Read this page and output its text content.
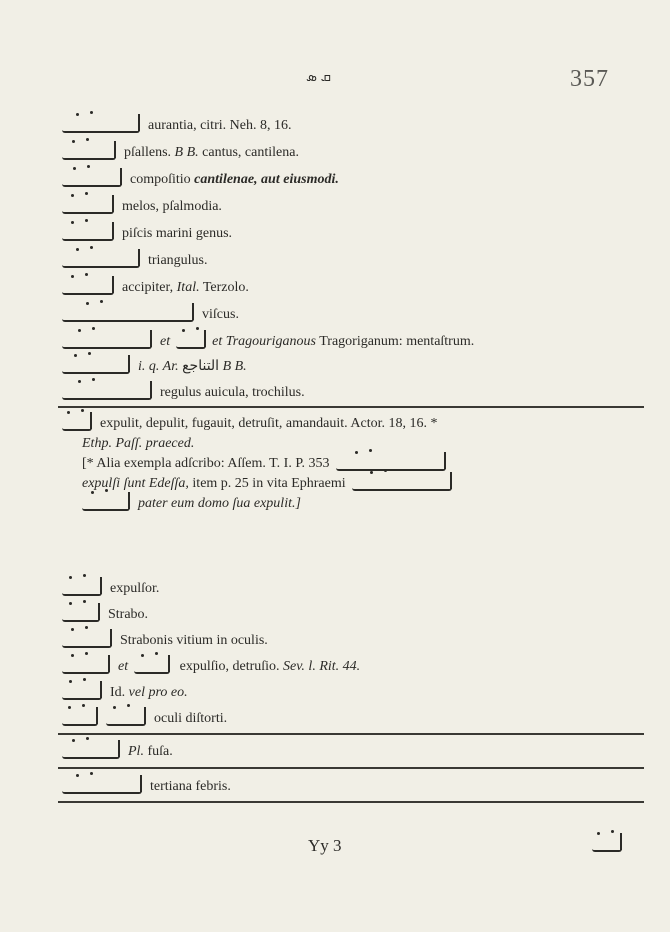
ܩ ܣ	357
aurantia, citri. Neh. 8, 16.
pſallens. B B. cantus, cantilena.
compoſitio cantilenae, aut eiusmodi.
melos, pſalmodia.
piſcis marini genus.
triangulus.
accipiter, Ital. Terzolo.
viſcus.
et	et Tragouriganous Tragoriganum: mentaſtrum.
i. q. Ar. ﺍﻟﺘﻨﺎﺟﻊ B B.
regulus auicula, trochilus.
expulit, depulit, fugauit, detruſit, amandauit. Actor. 18, 16. *
Ethp. Paſſ. praeced.
[* Alia exempla adſcribo: Aſſem. T. I. P. 353
expulſi ſunt Edeſſa, item p. 25 in vita Ephraemi
pater eum domo ſua expulit.]
expulſor.
Strabo.
Strabonis vitium in oculis.
et	expulſio, detruſio. Sev. l. Rit. 44.
Id. vel pro eo.
oculi diſtorti.
Pl. fuſa.
tertiana febris.
Yy 3
